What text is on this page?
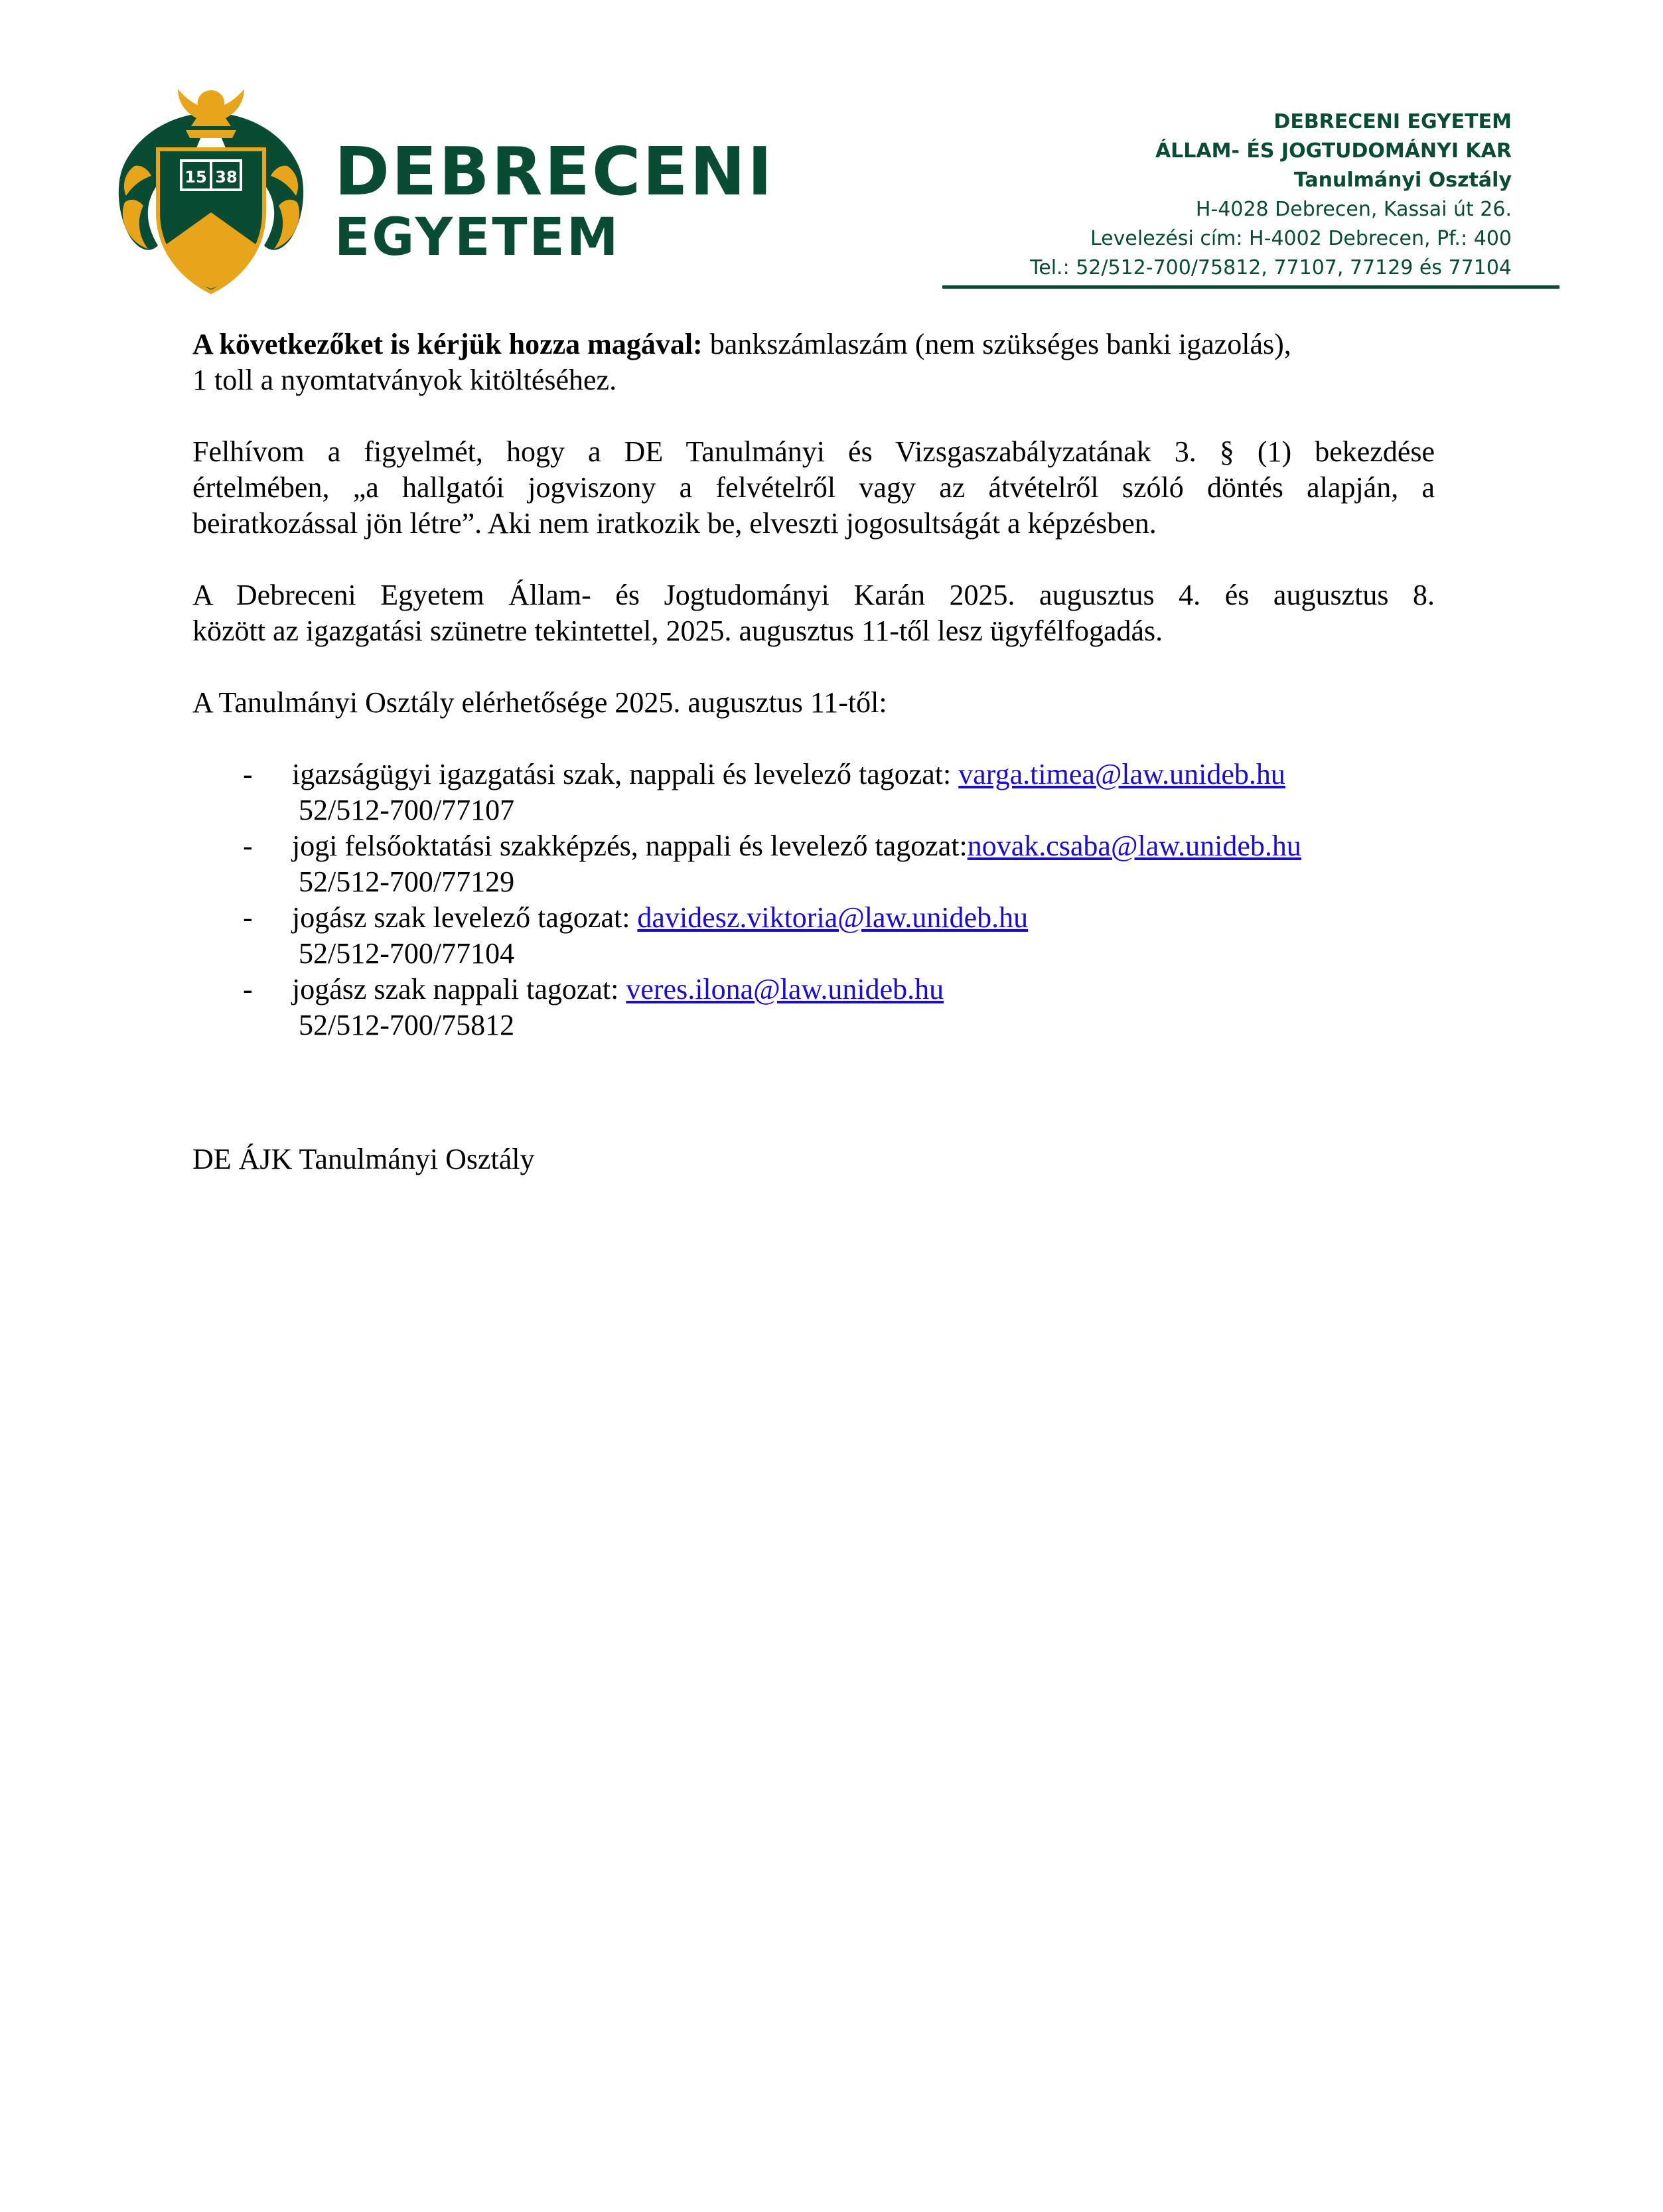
15 38 DEBRECENI
EGYETEM
DEBRECENI EGYETEM
ÁLLAM- ÉS JOGTUDOMÁNYI KAR
Tanulmányi Osztály
H-4028 Debrecen, Kassai út 26.
Levelezési cím: H-4002 Debrecen, Pf.: 400
Tel.: 52/512-700/75812, 77107, 77129 és 77104

A következőket is kérjük hozza magával: bankszámlaszám (nem szükséges banki igazolás),
1 toll a nyomtatványok kitöltéséhez.

Felhívom a figyelmét, hogy a DE Tanulmányi és Vizsgaszabályzatának 3. § (1) bekezdése
értelmében, „a hallgatói jogviszony a felvételről vagy az átvételről szóló döntés alapján, a
beiratkozással jön létre”. Aki nem iratkozik be, elveszti jogosultságát a képzésben.

A Debreceni Egyetem Állam- és Jogtudományi Karán 2025. augusztus 4. és augusztus 8.
között az igazgatási szünetre tekintettel, 2025. augusztus 11-től lesz ügyfélfogadás.

A Tanulmányi Osztály elérhetősége 2025. augusztus 11-től:

- igazságügyi igazgatási szak, nappali és levelező tagozat: varga.timea@law.unideb.hu
52/512-700/77107
- jogi felsőoktatási szakképzés, nappali és levelező tagozat:novak.csaba@law.unideb.hu
52/512-700/77129
- jogász szak levelező tagozat: davidesz.viktoria@law.unideb.hu
52/512-700/77104
- jogász szak nappali tagozat: veres.ilona@law.unideb.hu
52/512-700/75812
DE ÁJK Tanulmányi Osztály
